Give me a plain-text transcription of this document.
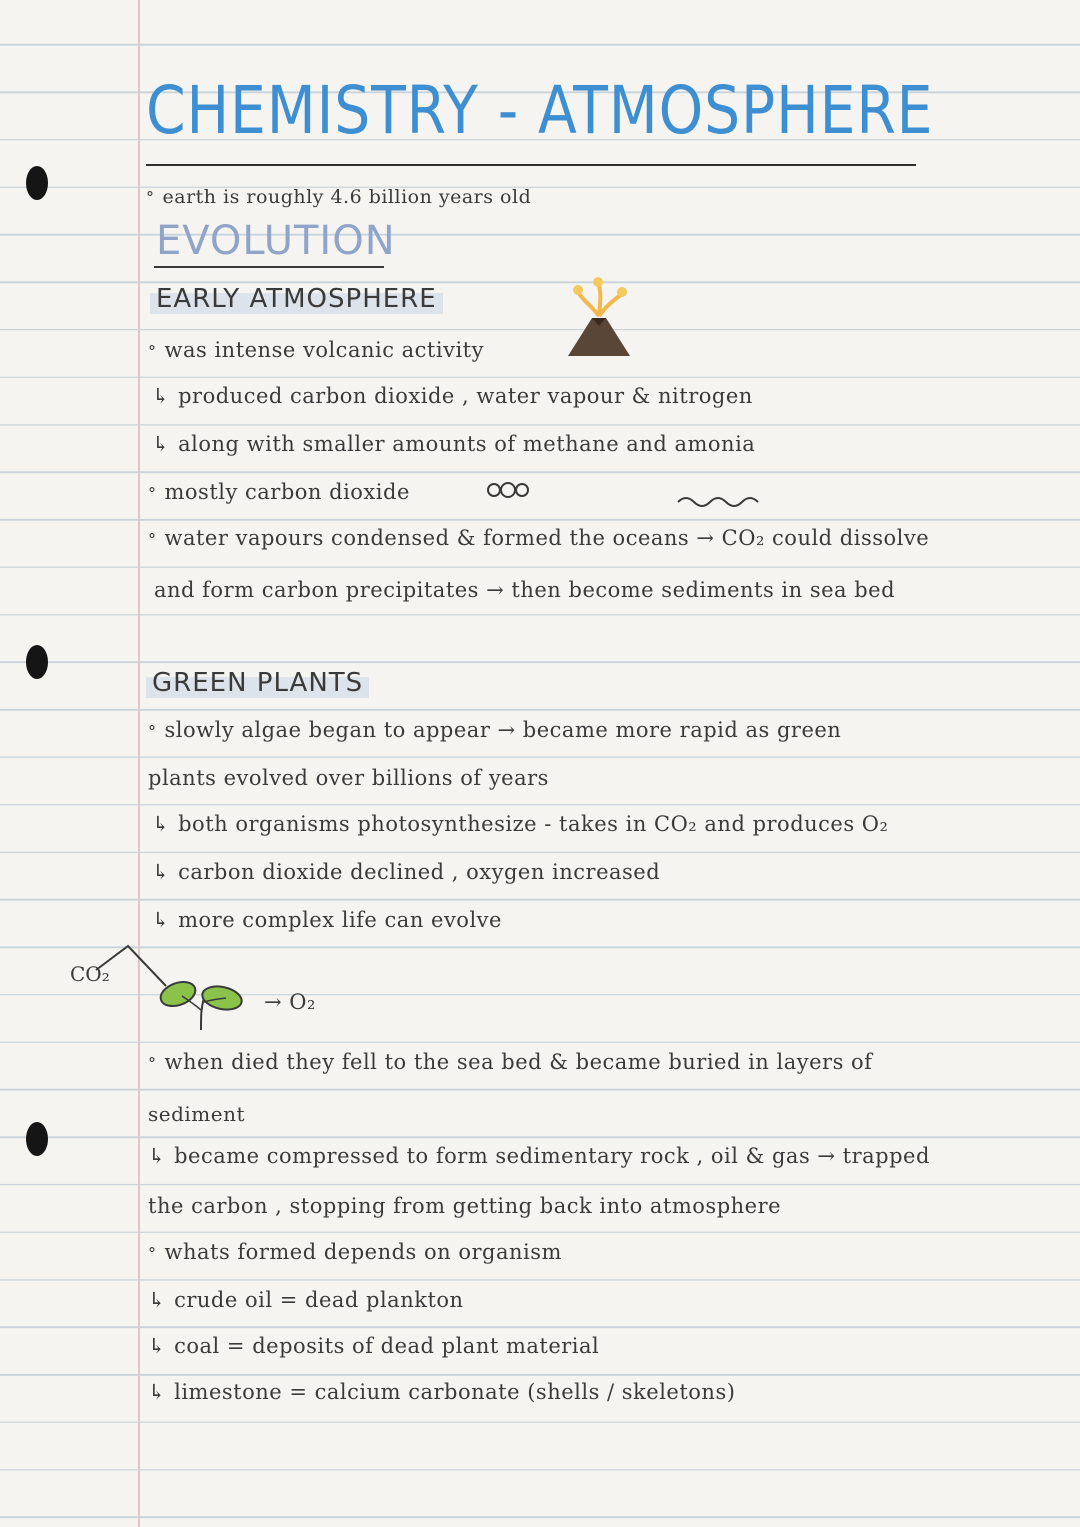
CHEMISTRY - ATMOSPHERE
° earth is roughly 4.6 billion years old
EVOLUTION
EARLY ATMOSPHERE
° was intense volcanic activity
↳ produced carbon dioxide , water vapour & nitrogen
↳ along with smaller amounts of methane and amonia
° mostly carbon dioxide
° water vapours condensed & formed the oceans → CO₂ could dissolve
and form carbon precipitates → then become sediments in sea bed
GREEN PLANTS
° slowly algae began to appear → became more rapid as green
plants evolved over billions of years
↳ both organisms photosynthesize - takes in CO₂ and produces O₂
↳ carbon dioxide declined , oxygen increased
↳ more complex life can evolve
CO₂
→ O₂
° when died they fell to the sea bed & became buried in layers of
sediment
↳ became compressed to form sedimentary rock , oil & gas → trapped
the carbon , stopping from getting back into atmosphere
° whats formed depends on organism
↳ crude oil = dead plankton
↳ coal = deposits of dead plant material
↳ limestone = calcium carbonate (shells / skeletons)
